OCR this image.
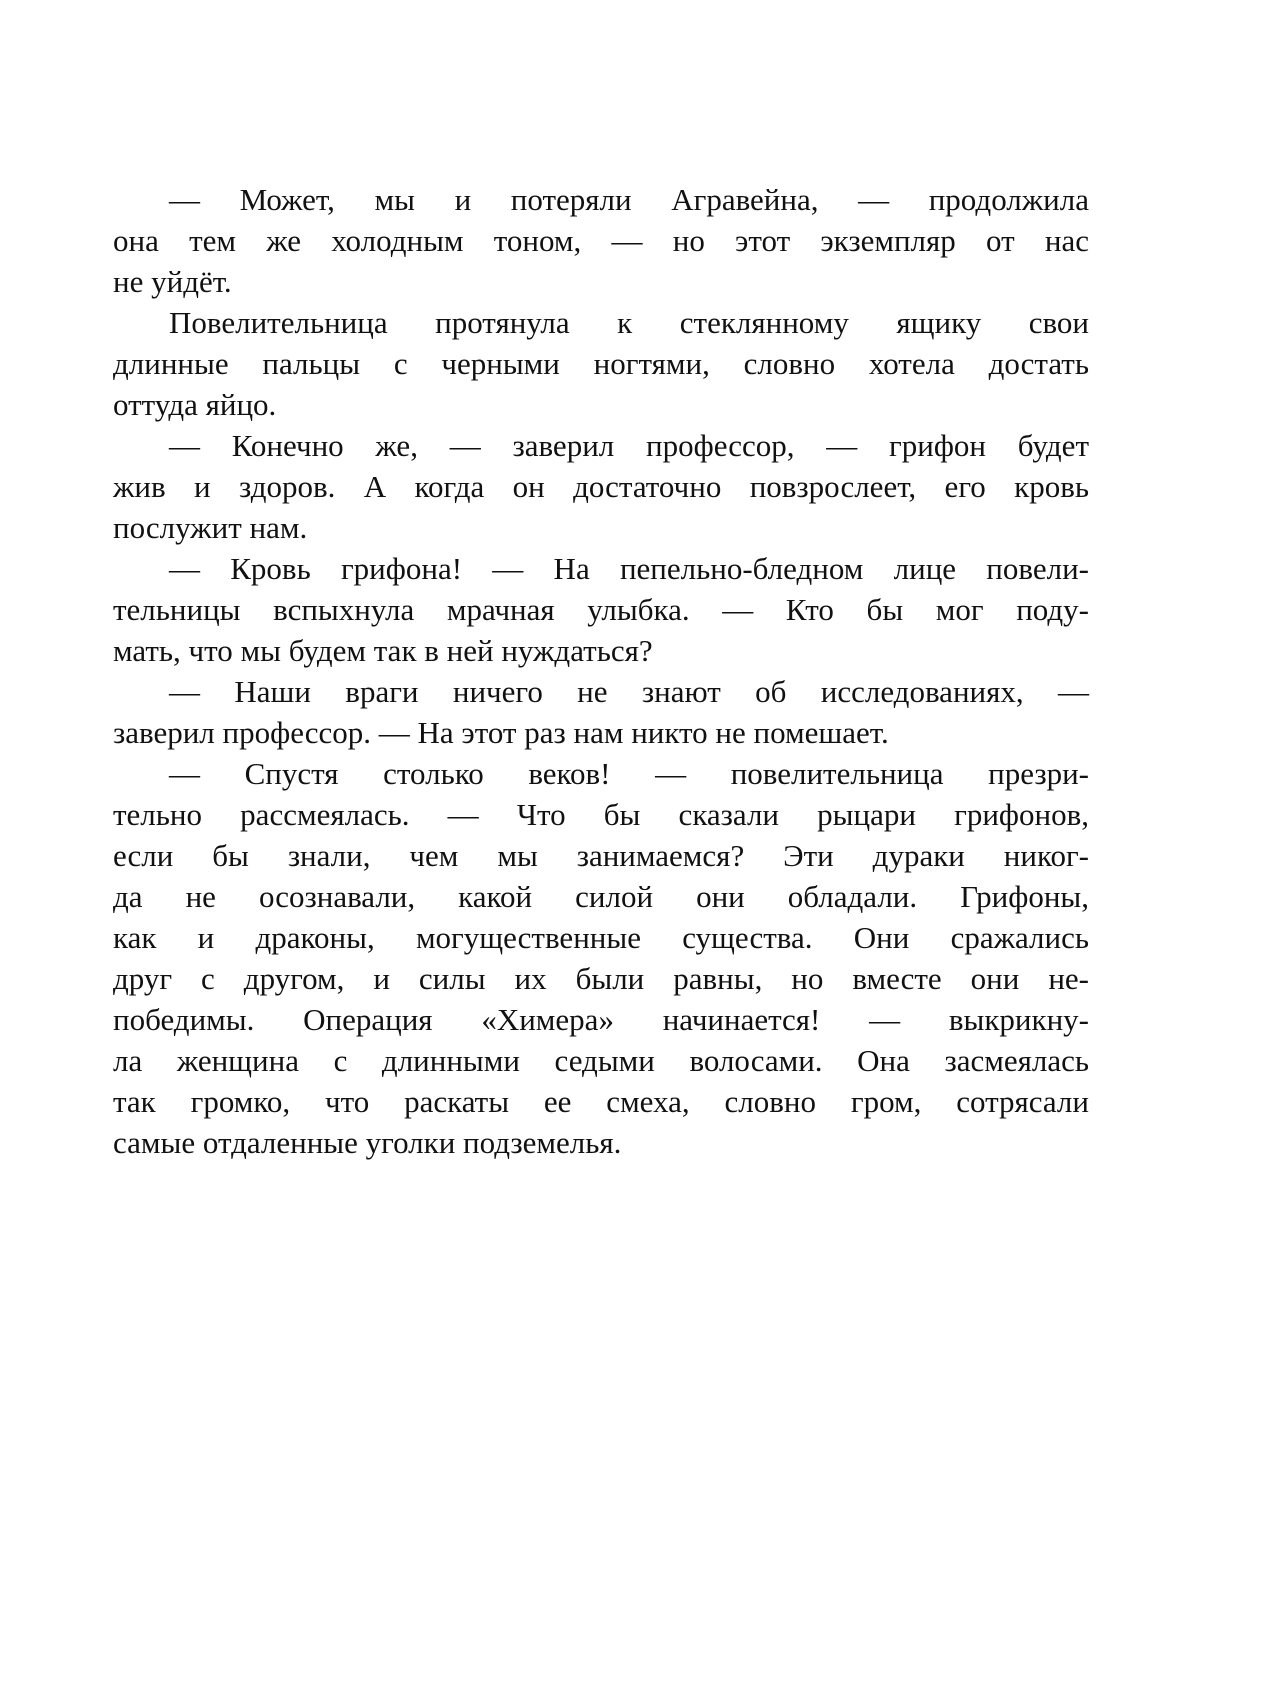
— Может, мы и потеряли Агравейна, — продолжила
она тем же холодным тоном, — но этот экземпляр от нас
не уйдёт.
Повелительница протянула к стеклянному ящику свои
длинные пальцы с черными ногтями, словно хотела достать
оттуда яйцо.
— Конечно же, — заверил профессор, — грифон будет
жив и здоров. А когда он достаточно повзрослеет, его кровь
послужит нам.
— Кровь грифона! — На пепельно-бледном лице повели-
тельницы вспыхнула мрачная улыбка. — Кто бы мог поду-
мать, что мы будем так в ней нуждаться?
— Наши враги ничего не знают об исследованиях, —
заверил профессор. — На этот раз нам никто не помешает.
— Спустя столько веков! — повелительница презри-
тельно рассмеялась. — Что бы сказали рыцари грифонов,
если бы знали, чем мы занимаемся? Эти дураки никог-
да не осознавали, какой силой они обладали. Грифоны,
как и драконы, могущественные существа. Они сражались
друг с другом, и силы их были равны, но вместе они не-
победимы. Операция «Химера» начинается! — выкрикну-
ла женщина с длинными седыми волосами. Она засмеялась
так громко, что раскаты ее смеха, словно гром, сотрясали
самые отдаленные уголки подземелья.
